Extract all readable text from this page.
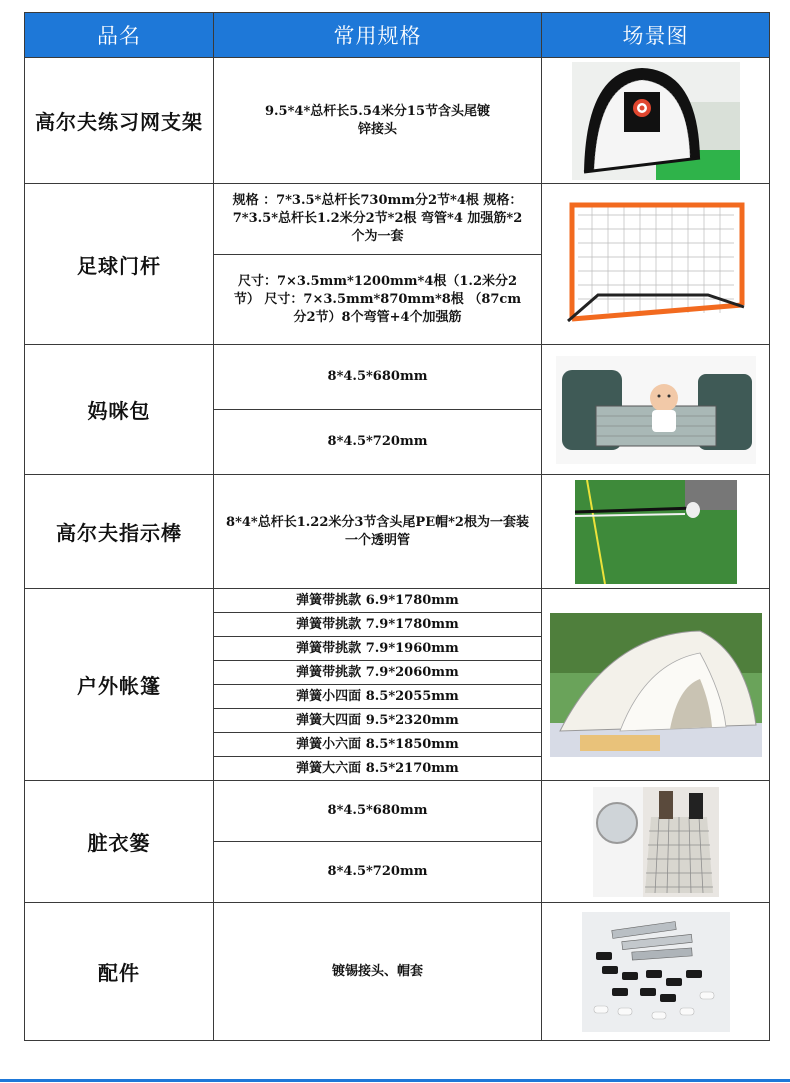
品名	常用规格	场景图
高尔夫练习网支架	9.5*4*总杆长5.54米分15节含头尾镀锌接头	

足球门杆	规格 ：7*3.5*总杆长730mm分2节*4根 规格：7*3.5*总杆长1.2米分2节*2根 弯管*4 加强筋*2个为一套	

	尺寸：7×3.5mm*1200mm*4根（1.2米分2节） 尺寸：7×3.5mm*870mm*8根 （87cm分2节）8个弯管+4个加强筋	
妈咪包	8*4.5*680mm	

	8*4.5*720mm	
高尔夫指示棒	8*4*总杆长1.22米分3节含头尾PE帽*2根为一套装一个透明管	

户外帐篷	弹簧带挑款 6.9*1780mm	

	弹簧带挑款 7.9*1780mm	
	弹簧带挑款 7.9*1960mm	
	弹簧带挑款 7.9*2060mm	
	弹簧小四面 8.5*2055mm	
	弹簧大四面 9.5*2320mm	
	弹簧小六面 8.5*1850mm	
	弹簧大六面 8.5*2170mm	
脏衣篓	8*4.5*680mm	

	8*4.5*720mm	
配件	镀锡接头、帽套	
